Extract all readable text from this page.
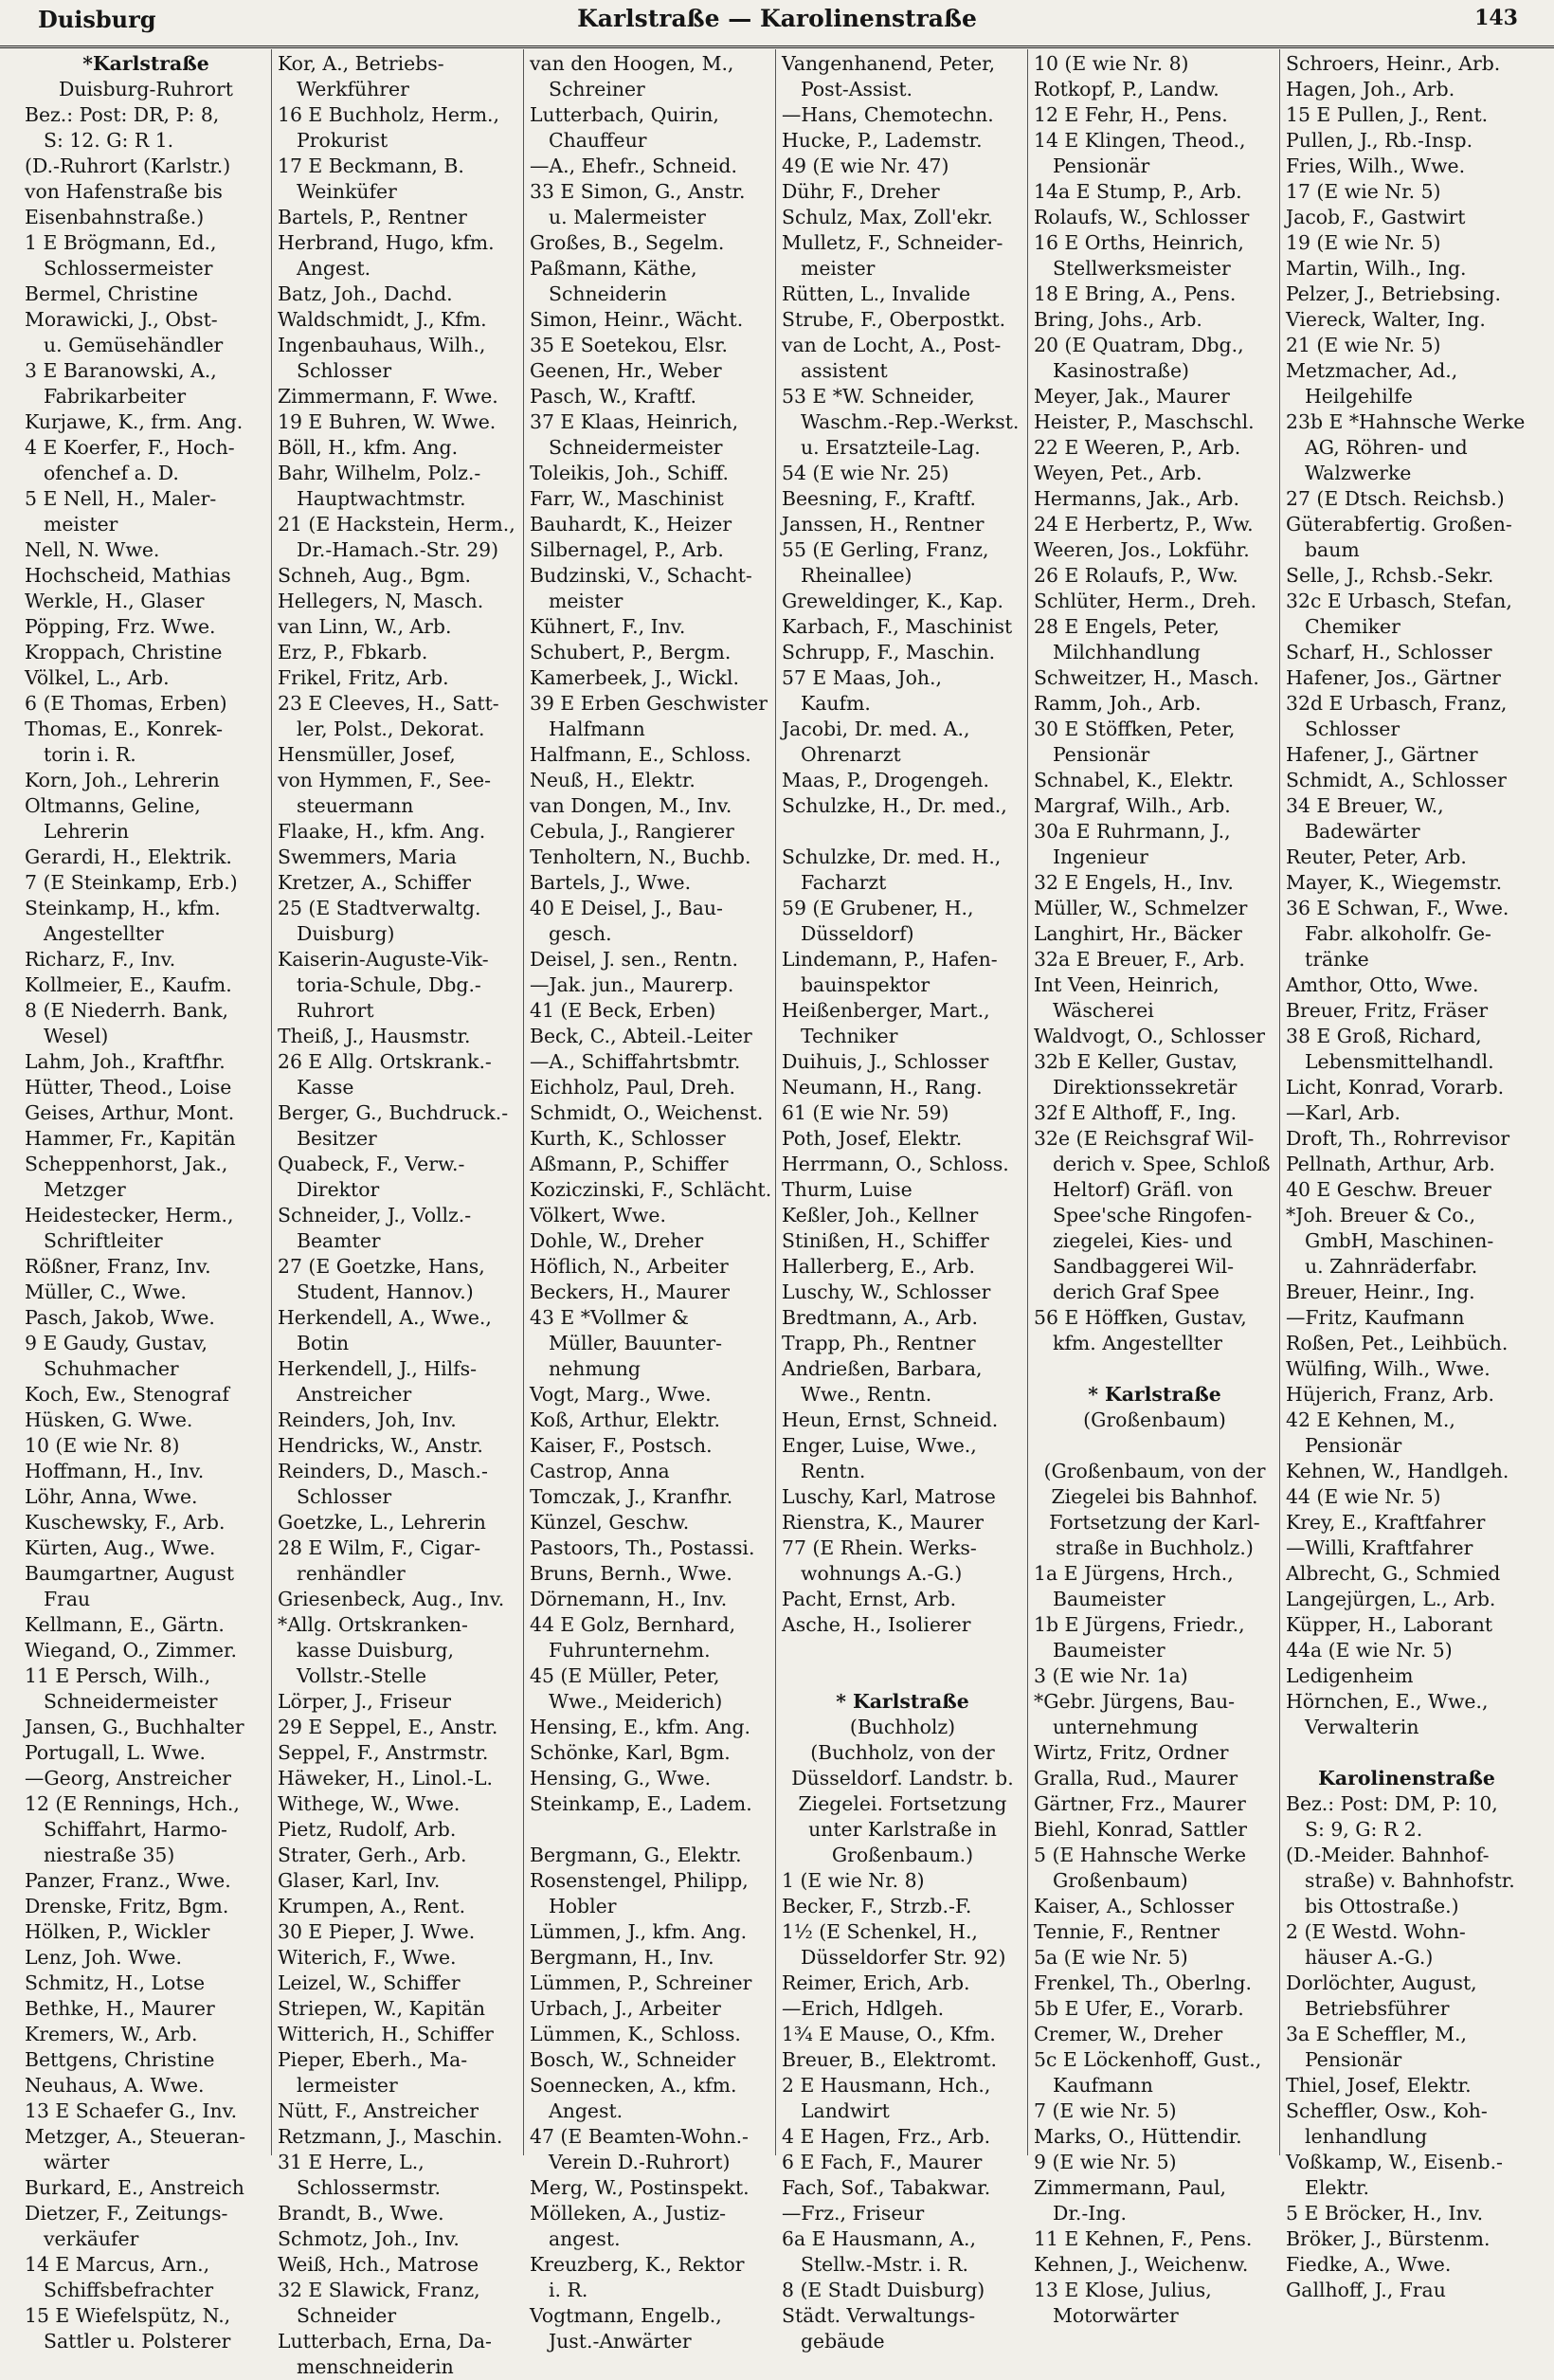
Duisburg	Karlstraße — Karolinenstraße	143
*Karlstraße
Duisburg-Ruhrort
Bez.: Post: DR, P: 8,
S: 12. G: R 1.
(D.-Ruhrort (Karlstr.)
von Hafenstraße bis
Eisenbahnstraße.)
1 E Brögmann, Ed.,
Schlossermeister
Bermel, Christine
Morawicki, J., Obst-
u. Gemüsehändler
3 E Baranowski, A.,
Fabrikarbeiter
Kurjawe, K., frm. Ang.
4 E Koerfer, F., Hoch-
ofenchef a. D.
5 E Nell, H., Maler-
meister
Nell, N. Wwe.
Hochscheid, Mathias
Werkle, H., Glaser
Pöpping, Frz. Wwe.
Kroppach, Christine
Völkel, L., Arb.
6 (E Thomas, Erben)
Thomas, E., Konrek-
torin i. R.
Korn, Joh., Lehrerin
Oltmanns, Geline,
Lehrerin
Gerardi, H., Elektrik.
7 (E Steinkamp, Erb.)
Steinkamp, H., kfm.
Angestellter
Richarz, F., Inv.
Kollmeier, E., Kaufm.
8 (E Niederrh. Bank,
Wesel)
Lahm, Joh., Kraftfhr.
Hütter, Theod., Loise
Geises, Arthur, Mont.
Hammer, Fr., Kapitän
Scheppenhorst, Jak.,
Metzger
Heidestecker, Herm.,
Schriftleiter
Rößner, Franz, Inv.
Müller, C., Wwe.
Pasch, Jakob, Wwe.
9 E Gaudy, Gustav,
Schuhmacher
Koch, Ew., Stenograf
Hüsken, G. Wwe.
10 (E wie Nr. 8)
Hoffmann, H., Inv.
Löhr, Anna, Wwe.
Kuschewsky, F., Arb.
Kürten, Aug., Wwe.
Baumgartner, August
Frau
Kellmann, E., Gärtn.
Wiegand, O., Zimmer.
11 E Persch, Wilh.,
Schneidermeister
Jansen, G., Buchhalter
Portugall, L. Wwe.
—Georg, Anstreicher
12 (E Rennings, Hch.,
Schiffahrt, Harmo-
niestraße 35)
Panzer, Franz., Wwe.
Drenske, Fritz, Bgm.
Hölken, P., Wickler
Lenz, Joh. Wwe.
Schmitz, H., Lotse
Bethke, H., Maurer
Kremers, W., Arb.
Bettgens, Christine
Neuhaus, A. Wwe.
13 E Schaefer G., Inv.
Metzger, A., Steueran-
wärter
Burkard, E., Anstreich
Dietzer, F., Zeitungs-
verkäufer
14 E Marcus, Arn.,
Schiffsbefrachter
15 E Wiefelspütz, N.,
Sattler u. Polsterer
Kor, A., Betriebs-
Werkführer
16 E Buchholz, Herm.,
Prokurist
17 E Beckmann, B.
Weinküfer
Bartels, P., Rentner
Herbrand, Hugo, kfm.
Angest.
Batz, Joh., Dachd.
Waldschmidt, J., Kfm.
Ingenbauhaus, Wilh.,
Schlosser
Zimmermann, F. Wwe.
19 E Buhren, W. Wwe.
Böll, H., kfm. Ang.
Bahr, Wilhelm, Polz.-
Hauptwachtmstr.
21 (E Hackstein, Herm.,
Dr.-Hamach.-Str. 29)
Schneh, Aug., Bgm.
Hellegers, N, Masch.
van Linn, W., Arb.
Erz, P., Fbkarb.
Frikel, Fritz, Arb.
23 E Cleeves, H., Satt-
ler, Polst., Dekorat.
Hensmüller, Josef,
von Hymmen, F., See-
steuermann
Flaake, H., kfm. Ang.
Swemmers, Maria
Kretzer, A., Schiffer
25 (E Stadtverwaltg.
Duisburg)
Kaiserin-Auguste-Vik-
toria-Schule, Dbg.-
Ruhrort
Theiß, J., Hausmstr.
26 E Allg. Ortskrank.-
Kasse
Berger, G., Buchdruck.-
Besitzer
Quabeck, F., Verw.-
Direktor
Schneider, J., Vollz.-
Beamter
27 (E Goetzke, Hans,
Student, Hannov.)
Herkendell, A., Wwe.,
Botin
Herkendell, J., Hilfs-
Anstreicher
Reinders, Joh, Inv.
Hendricks, W., Anstr.
Reinders, D., Masch.-
Schlosser
Goetzke, L., Lehrerin
28 E Wilm, F., Cigar-
renhändler
Griesenbeck, Aug., Inv.
*Allg. Ortskranken-
kasse Duisburg,
Vollstr.-Stelle
Lörper, J., Friseur
29 E Seppel, E., Anstr.
Seppel, F., Anstrmstr.
Häweker, H., Linol.-L.
Withege, W., Wwe.
Pietz, Rudolf, Arb.
Strater, Gerh., Arb.
Glaser, Karl, Inv.
Krumpen, A., Rent.
30 E Pieper, J. Wwe.
Witerich, F., Wwe.
Leizel, W., Schiffer
Striepen, W., Kapitän
Witterich, H., Schiffer
Pieper, Eberh., Ma-
lermeister
Nütt, F., Anstreicher
Retzmann, J., Maschin.
31 E Herre, L.,
Schlossermstr.
Brandt, B., Wwe.
Schmotz, Joh., Inv.
Weiß, Hch., Matrose
32 E Slawick, Franz,
Schneider
Lutterbach, Erna, Da-
menschneiderin
van den Hoogen, M.,
Schreiner
Lutterbach, Quirin,
Chauffeur
—A., Ehefr., Schneid.
33 E Simon, G., Anstr.
u. Malermeister
Großes, B., Segelm.
Paßmann, Käthe,
Schneiderin
Simon, Heinr., Wächt.
35 E Soetekou, Elsr.
Geenen, Hr., Weber
Pasch, W., Kraftf.
37 E Klaas, Heinrich,
Schneidermeister
Toleikis, Joh., Schiff.
Farr, W., Maschinist
Bauhardt, K., Heizer
Silbernagel, P., Arb.
Budzinski, V., Schacht-
meister
Kühnert, F., Inv.
Schubert, P., Bergm.
Kamerbeek, J., Wickl.
39 E Erben Geschwister
Halfmann
Halfmann, E., Schloss.
Neuß, H., Elektr.
van Dongen, M., Inv.
Cebula, J., Rangierer
Tenholtern, N., Buchb.
Bartels, J., Wwe.
40 E Deisel, J., Bau-
gesch.
Deisel, J. sen., Rentn.
—Jak. jun., Maurerp.
41 (E Beck, Erben)
Beck, C., Abteil.-Leiter
—A., Schiffahrtsbmtr.
Eichholz, Paul, Dreh.
Schmidt, O., Weichenst.
Kurth, K., Schlosser
Aßmann, P., Schiffer
Koziczinski, F., Schlächt.
Völkert, Wwe.
Dohle, W., Dreher
Höflich, N., Arbeiter
Beckers, H., Maurer
43 E *Vollmer &
Müller, Bauunter-
nehmung
Vogt, Marg., Wwe.
Koß, Arthur, Elektr.
Kaiser, F., Postsch.
Castrop, Anna
Tomczak, J., Kranfhr.
Künzel, Geschw.
Pastoors, Th., Postassi.
Bruns, Bernh., Wwe.
Dörnemann, H., Inv.
44 E Golz, Bernhard,
Fuhrunternehm.
45 (E Müller, Peter,
Wwe., Meiderich)
Hensing, E., kfm. Ang.
Schönke, Karl, Bgm.
Hensing, G., Wwe.
Steinkamp, E., Ladem.
Bergmann, G., Elektr.
Rosenstengel, Philipp,
Hobler
Lümmen, J., kfm. Ang.
Bergmann, H., Inv.
Lümmen, P., Schreiner
Urbach, J., Arbeiter
Lümmen, K., Schloss.
Bosch, W., Schneider
Soennecken, A., kfm.
Angest.
47 (E Beamten-Wohn.-
Verein D.-Ruhrort)
Merg, W., Postinspekt.
Mölleken, A., Justiz-
angest.
Kreuzberg, K., Rektor
i. R.
Vogtmann, Engelb.,
Just.-Anwärter
Vangenhanend, Peter,
Post-Assist.
—Hans, Chemotechn.
Hucke, P., Lademstr.
49 (E wie Nr. 47)
Dühr, F., Dreher
Schulz, Max, Zoll'ekr.
Mulletz, F., Schneider-
meister
Rütten, L., Invalide
Strube, F., Oberpostkt.
van de Locht, A., Post-
assistent
53 E *W. Schneider,
Waschm.-Rep.-Werkst.
u. Ersatzteile-Lag.
54 (E wie Nr. 25)
Beesning, F., Kraftf.
Janssen, H., Rentner
55 (E Gerling, Franz,
Rheinallee)
Greweldinger, K., Kap.
Karbach, F., Maschinist
Schrupp, F., Maschin.
57 E Maas, Joh.,
Kaufm.
Jacobi, Dr. med. A.,
Ohrenarzt
Maas, P., Drogengeh.
Schulzke, H., Dr. med.,
Schulzke, Dr. med. H.,
Facharzt
59 (E Grubener, H.,
Düsseldorf)
Lindemann, P., Hafen-
bauinspektor
Heißenberger, Mart.,
Techniker
Duihuis, J., Schlosser
Neumann, H., Rang.
61 (E wie Nr. 59)
Poth, Josef, Elektr.
Herrmann, O., Schloss.
Thurm, Luise
Keßler, Joh., Kellner
Stinißen, H., Schiffer
Hallerberg, E., Arb.
Luschy, W., Schlosser
Bredtmann, A., Arb.
Trapp, Ph., Rentner
Andrießen, Barbara,
Wwe., Rentn.
Heun, Ernst, Schneid.
Enger, Luise, Wwe.,
Rentn.
Luschy, Karl, Matrose
Rienstra, K., Maurer
77 (E Rhein. Werks-
wohnungs A.-G.)
Pacht, Ernst, Arb.
Asche, H., Isolierer
* Karlstraße
(Buchholz)
(Buchholz, von der
Düsseldorf. Landstr. b.
Ziegelei. Fortsetzung
unter Karlstraße in
Großenbaum.)
1 (E wie Nr. 8)
Becker, F., Strzb.-F.
1½ (E Schenkel, H.,
Düsseldorfer Str. 92)
Reimer, Erich, Arb.
—Erich, Hdlgeh.
1¾ E Mause, O., Kfm.
Breuer, B., Elektromt.
2 E Hausmann, Hch.,
Landwirt
4 E Hagen, Frz., Arb.
6 E Fach, F., Maurer
Fach, Sof., Tabakwar.
—Frz., Friseur
6a E Hausmann, A.,
Stellw.-Mstr. i. R.
8 (E Stadt Duisburg)
Städt. Verwaltungs-
gebäude
10 (E wie Nr. 8)
Rotkopf, P., Landw.
12 E Fehr, H., Pens.
14 E Klingen, Theod.,
Pensionär
14a E Stump, P., Arb.
Rolaufs, W., Schlosser
16 E Orths, Heinrich,
Stellwerksmeister
18 E Bring, A., Pens.
Bring, Johs., Arb.
20 (E Quatram, Dbg.,
Kasinostraße)
Meyer, Jak., Maurer
Heister, P., Maschschl.
22 E Weeren, P., Arb.
Weyen, Pet., Arb.
Hermanns, Jak., Arb.
24 E Herbertz, P., Ww.
Weeren, Jos., Lokführ.
26 E Rolaufs, P., Ww.
Schlüter, Herm., Dreh.
28 E Engels, Peter,
Milchhandlung
Schweitzer, H., Masch.
Ramm, Joh., Arb.
30 E Stöffken, Peter,
Pensionär
Schnabel, K., Elektr.
Margraf, Wilh., Arb.
30a E Ruhrmann, J.,
Ingenieur
32 E Engels, H., Inv.
Müller, W., Schmelzer
Langhirt, Hr., Bäcker
32a E Breuer, F., Arb.
Int Veen, Heinrich,
Wäscherei
Waldvogt, O., Schlosser
32b E Keller, Gustav,
Direktionssekretär
32f E Althoff, F., Ing.
32e (E Reichsgraf Wil-
derich v. Spee, Schloß
Heltorf) Gräfl. von
Spee'sche Ringofen-
ziegelei, Kies- und
Sandbaggerei Wil-
derich Graf Spee
56 E Höffken, Gustav,
kfm. Angestellter
* Karlstraße
(Großenbaum)
(Großenbaum, von der
Ziegelei bis Bahnhof.
Fortsetzung der Karl-
straße in Buchholz.)
1a E Jürgens, Hrch.,
Baumeister
1b E Jürgens, Friedr.,
Baumeister
3 (E wie Nr. 1a)
*Gebr. Jürgens, Bau-
unternehmung
Wirtz, Fritz, Ordner
Gralla, Rud., Maurer
Gärtner, Frz., Maurer
Biehl, Konrad, Sattler
5 (E Hahnsche Werke
Großenbaum)
Kaiser, A., Schlosser
Tennie, F., Rentner
5a (E wie Nr. 5)
Frenkel, Th., Oberlng.
5b E Ufer, E., Vorarb.
Cremer, W., Dreher
5c E Löckenhoff, Gust.,
Kaufmann
7 (E wie Nr. 5)
Marks, O., Hüttendir.
9 (E wie Nr. 5)
Zimmermann, Paul,
Dr.-Ing.
11 E Kehnen, F., Pens.
Kehnen, J., Weichenw.
13 E Klose, Julius,
Motorwärter
Schroers, Heinr., Arb.
Hagen, Joh., Arb.
15 E Pullen, J., Rent.
Pullen, J., Rb.-Insp.
Fries, Wilh., Wwe.
17 (E wie Nr. 5)
Jacob, F., Gastwirt
19 (E wie Nr. 5)
Martin, Wilh., Ing.
Pelzer, J., Betriebsing.
Viereck, Walter, Ing.
21 (E wie Nr. 5)
Metzmacher, Ad.,
Heilgehilfe
23b E *Hahnsche Werke
AG, Röhren- und
Walzwerke
27 (E Dtsch. Reichsb.)
Güterabfertig. Großen-
baum
Selle, J., Rchsb.-Sekr.
32c E Urbasch, Stefan,
Chemiker
Scharf, H., Schlosser
Hafener, Jos., Gärtner
32d E Urbasch, Franz,
Schlosser
Hafener, J., Gärtner
Schmidt, A., Schlosser
34 E Breuer, W.,
Badewärter
Reuter, Peter, Arb.
Mayer, K., Wiegemstr.
36 E Schwan, F., Wwe.
Fabr. alkoholfr. Ge-
tränke
Amthor, Otto, Wwe.
Breuer, Fritz, Fräser
38 E Groß, Richard,
Lebensmittelhandl.
Licht, Konrad, Vorarb.
—Karl, Arb.
Droft, Th., Rohrrevisor
Pellnath, Arthur, Arb.
40 E Geschw. Breuer
*Joh. Breuer & Co.,
GmbH, Maschinen-
u. Zahnräderfabr.
Breuer, Heinr., Ing.
—Fritz, Kaufmann
Roßen, Pet., Leihbüch.
Wülfing, Wilh., Wwe.
Hüjerich, Franz, Arb.
42 E Kehnen, M.,
Pensionär
Kehnen, W., Handlgeh.
44 (E wie Nr. 5)
Krey, E., Kraftfahrer
—Willi, Kraftfahrer
Albrecht, G., Schmied
Langejürgen, L., Arb.
Küpper, H., Laborant
44a (E wie Nr. 5)
Ledigenheim
Hörnchen, E., Wwe.,
Verwalterin
Karolinenstraße
Bez.: Post: DM, P: 10,
S: 9, G: R 2.
(D.-Meider. Bahnhof-
straße) v. Bahnhofstr.
bis Ottostraße.)
2 (E Westd. Wohn-
häuser A.-G.)
Dorlöchter, August,
Betriebsführer
3a E Scheffler, M.,
Pensionär
Thiel, Josef, Elektr.
Scheffler, Osw., Koh-
lenhandlung
Voßkamp, W., Eisenb.-
Elektr.
5 E Bröcker, H., Inv.
Bröker, J., Bürstenm.
Fiedke, A., Wwe.
Gallhoff, J., Frau
